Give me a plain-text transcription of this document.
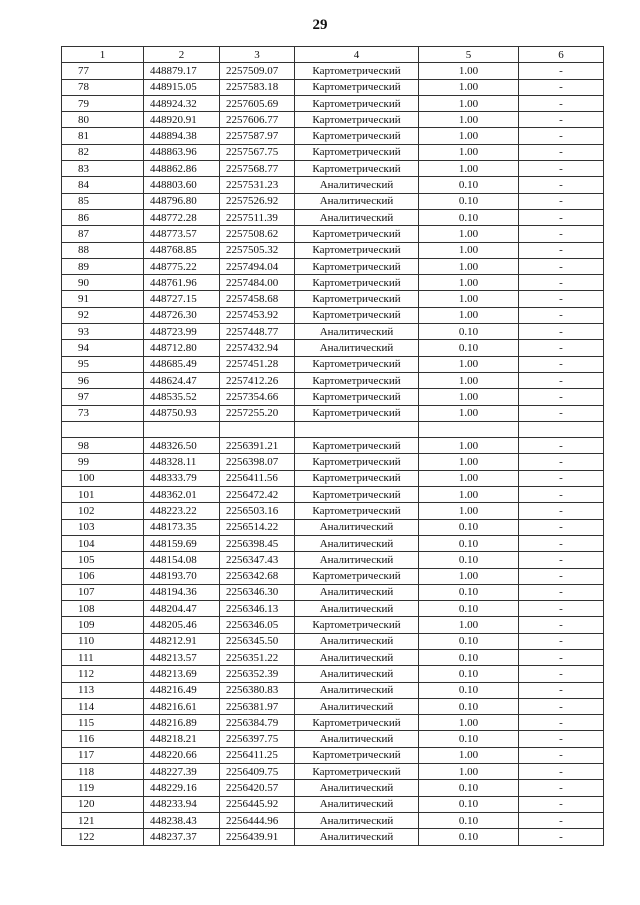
29
1	2	3	4	5	6
77	448879.17	2257509.07	Картометрический	1.00	-
78	448915.05	2257583.18	Картометрический	1.00	-
79	448924.32	2257605.69	Картометрический	1.00	-
80	448920.91	2257606.77	Картометрический	1.00	-
81	448894.38	2257587.97	Картометрический	1.00	-
82	448863.96	2257567.75	Картометрический	1.00	-
83	448862.86	2257568.77	Картометрический	1.00	-
84	448803.60	2257531.23	Аналитический	0.10	-
85	448796.80	2257526.92	Аналитический	0.10	-
86	448772.28	2257511.39	Аналитический	0.10	-
87	448773.57	2257508.62	Картометрический	1.00	-
88	448768.85	2257505.32	Картометрический	1.00	-
89	448775.22	2257494.04	Картометрический	1.00	-
90	448761.96	2257484.00	Картометрический	1.00	-
91	448727.15	2257458.68	Картометрический	1.00	-
92	448726.30	2257453.92	Картометрический	1.00	-
93	448723.99	2257448.77	Аналитический	0.10	-
94	448712.80	2257432.94	Аналитический	0.10	-
95	448685.49	2257451.28	Картометрический	1.00	-
96	448624.47	2257412.26	Картометрический	1.00	-
97	448535.52	2257354.66	Картометрический	1.00	-
73	448750.93	2257255.20	Картометрический	1.00	-

98	448326.50	2256391.21	Картометрический	1.00	-
99	448328.11	2256398.07	Картометрический	1.00	-
100	448333.79	2256411.56	Картометрический	1.00	-
101	448362.01	2256472.42	Картометрический	1.00	-
102	448223.22	2256503.16	Картометрический	1.00	-
103	448173.35	2256514.22	Аналитический	0.10	-
104	448159.69	2256398.45	Аналитический	0.10	-
105	448154.08	2256347.43	Аналитический	0.10	-
106	448193.70	2256342.68	Картометрический	1.00	-
107	448194.36	2256346.30	Аналитический	0.10	-
108	448204.47	2256346.13	Аналитический	0.10	-
109	448205.46	2256346.05	Картометрический	1.00	-
110	448212.91	2256345.50	Аналитический	0.10	-
111	448213.57	2256351.22	Аналитический	0.10	-
112	448213.69	2256352.39	Аналитический	0.10	-
113	448216.49	2256380.83	Аналитический	0.10	-
114	448216.61	2256381.97	Аналитический	0.10	-
115	448216.89	2256384.79	Картометрический	1.00	-
116	448218.21	2256397.75	Аналитический	0.10	-
117	448220.66	2256411.25	Картометрический	1.00	-
118	448227.39	2256409.75	Картометрический	1.00	-
119	448229.16	2256420.57	Аналитический	0.10	-
120	448233.94	2256445.92	Аналитический	0.10	-
121	448238.43	2256444.96	Аналитический	0.10	-
122	448237.37	2256439.91	Аналитический	0.10	-
